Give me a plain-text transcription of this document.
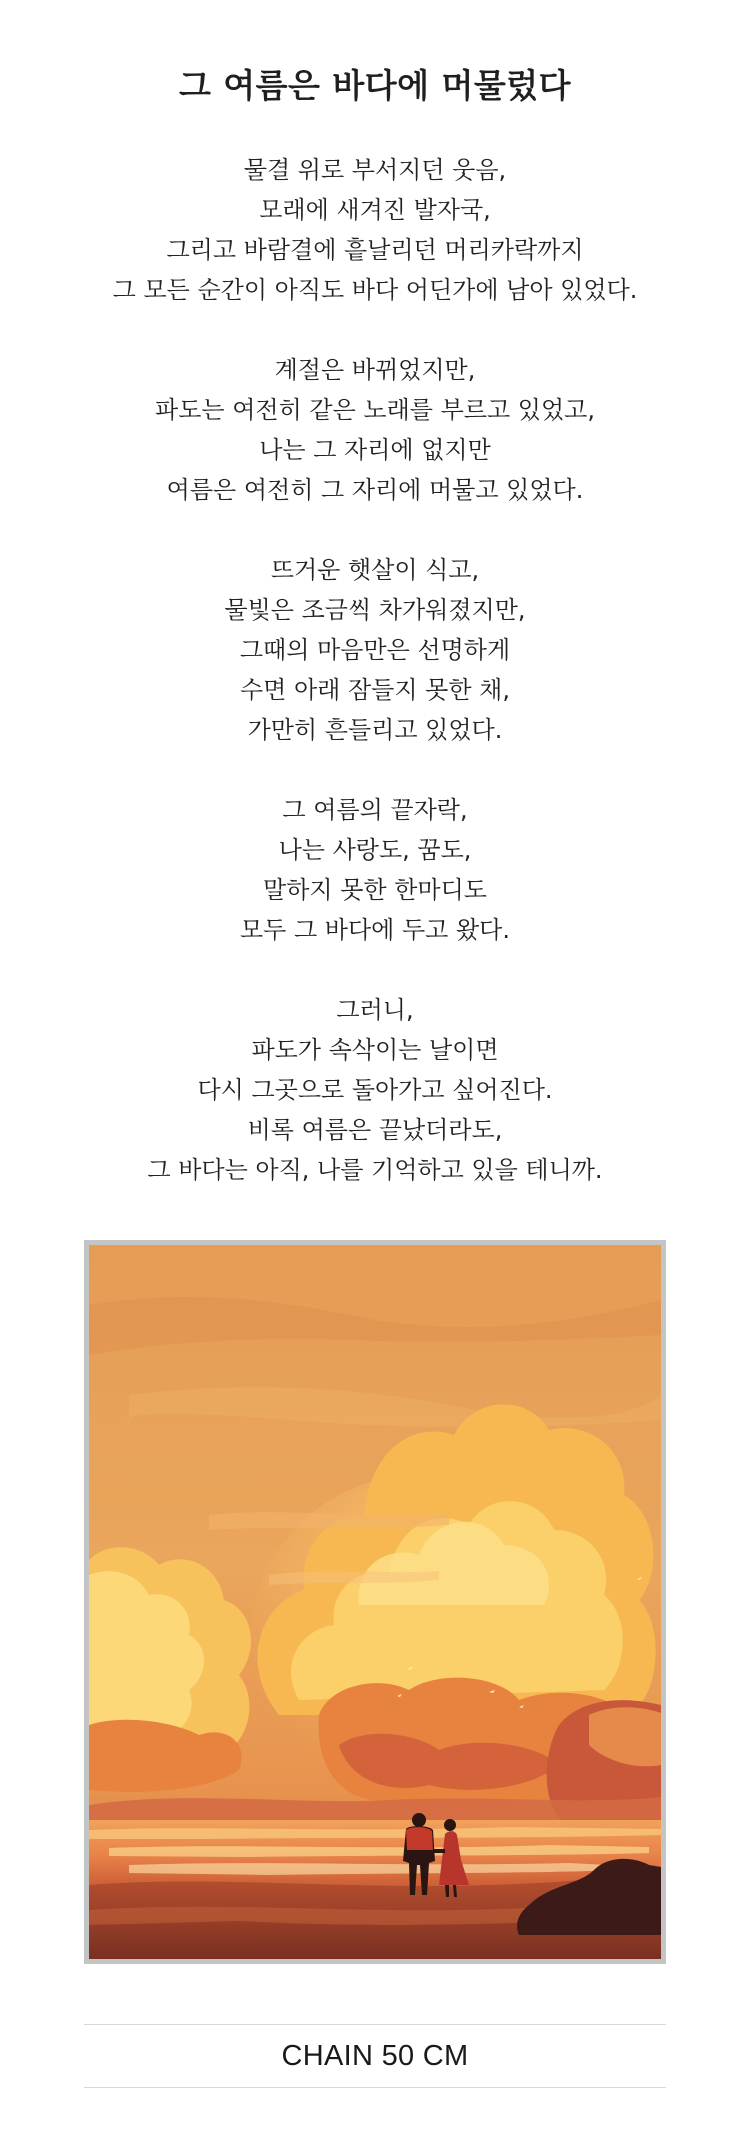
그 여름은 바다에 머물렀다
물결 위로 부서지던 웃음,
모래에 새겨진 발자국,
그리고 바람결에 흩날리던 머리카락까지
그 모든 순간이 아직도 바다 어딘가에 남아 있었다.
계절은 바뀌었지만,
파도는 여전히 같은 노래를 부르고 있었고,
나는 그 자리에 없지만
여름은 여전히 그 자리에 머물고 있었다.
뜨거운 햇살이 식고,
물빛은 조금씩 차가워졌지만,
그때의 마음만은 선명하게
수면 아래 잠들지 못한 채,
가만히 흔들리고 있었다.
그 여름의 끝자락,
나는 사랑도, 꿈도,
말하지 못한 한마디도
모두 그 바다에 두고 왔다.
그러니,
파도가 속삭이는 날이면
다시 그곳으로 돌아가고 싶어진다.
비록 여름은 끝났더라도,
그 바다는 아직, 나를 기억하고 있을 테니까.
CHAIN 50 CM
